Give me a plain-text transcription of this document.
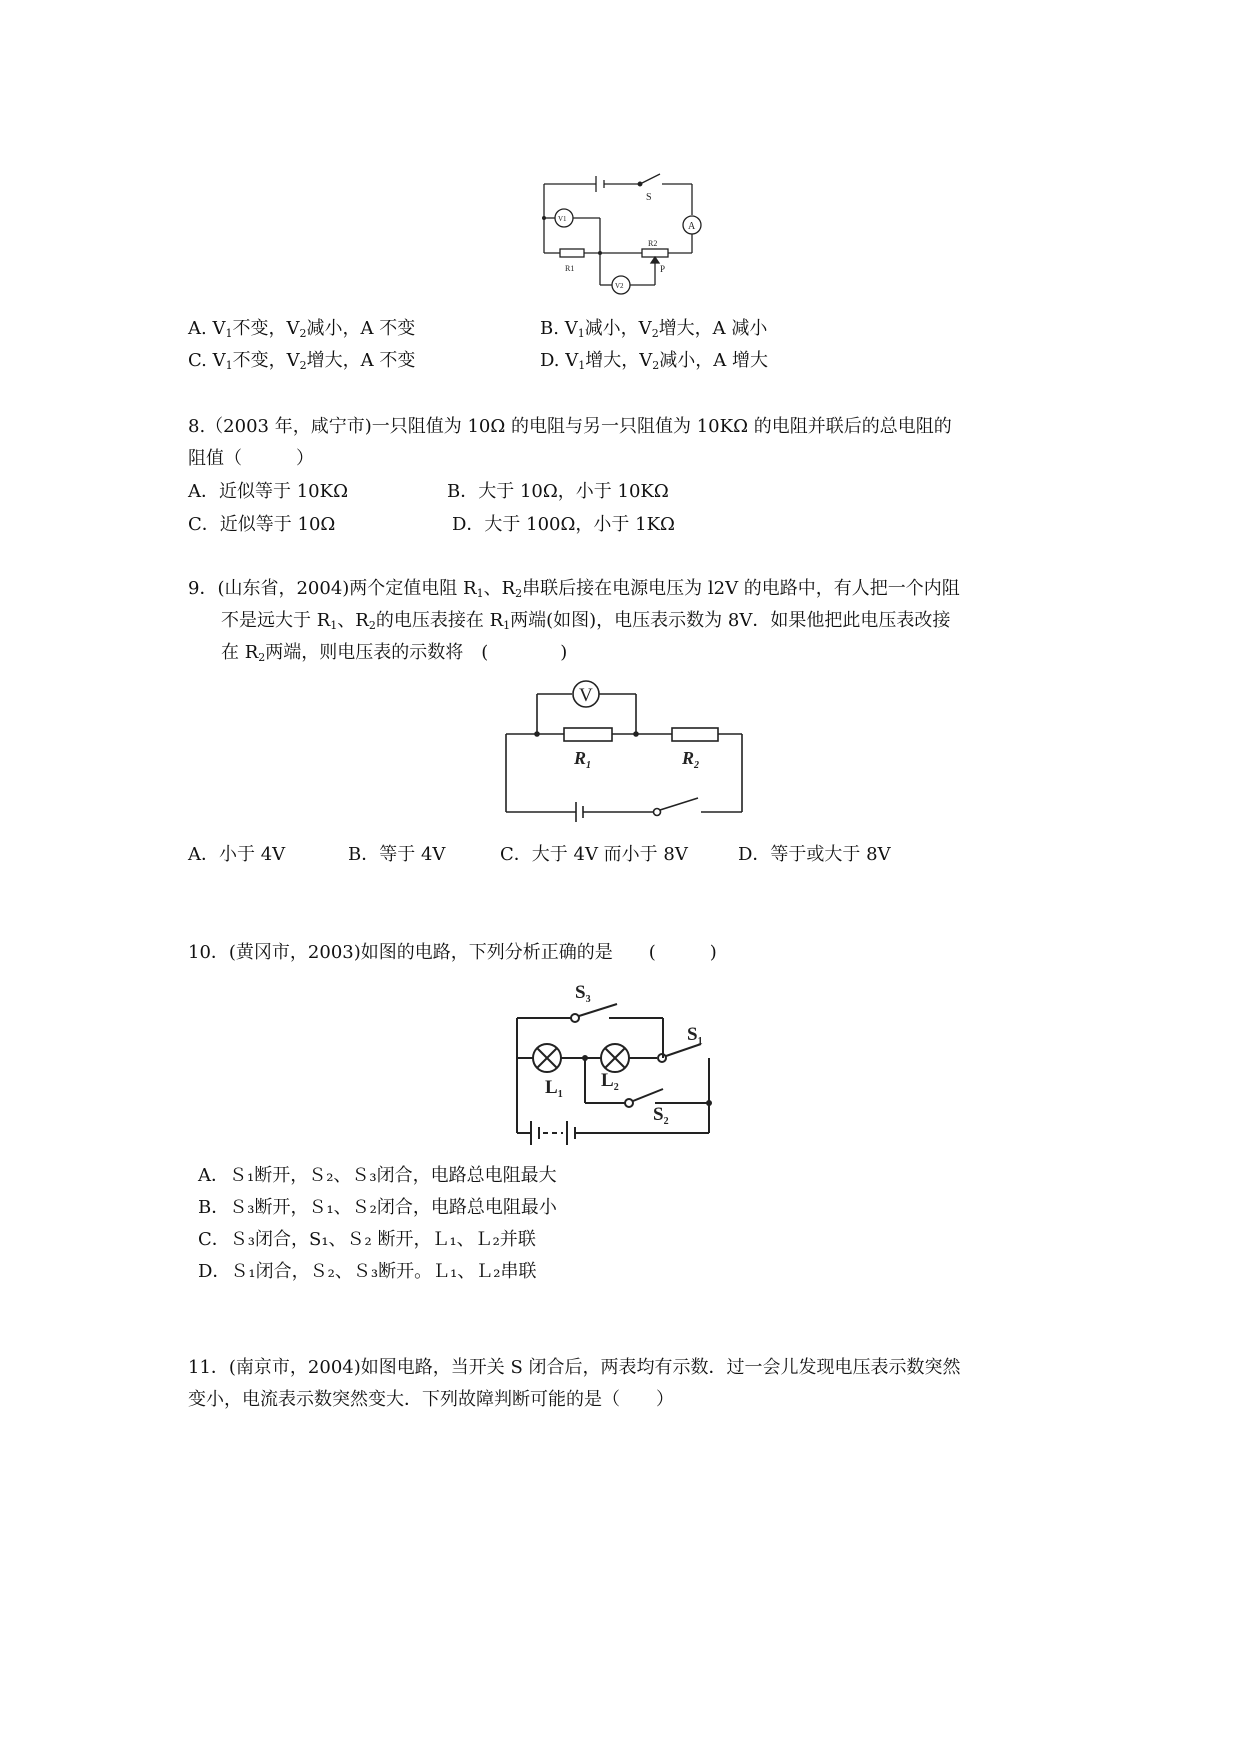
S
A
V1
V2
R1
R2
P
A. $V_1$不变，$V_2$减小，A 不变	B. $V_1$减小，$V_2$增大，A 减小
C. $V_1$不变，$V_2$增大，A 不变	D. $V_1$增大，$V_2$减小，A 增大
8.（2003 年，咸宁市)一只阻值为 10Ω 的电阻与另一只阻值为 10KΩ 的电阻并联后的总电阻的
阻值（　　　）
A．近似等于 10KΩ	B．大于 10Ω，小于 10KΩ
C．近似等于 10Ω	D．大于 100Ω，小于 1KΩ
9．(山东省，2004)两个定值电阻 $R_1$、$R_2$串联后接在电源电压为 l2V 的电路中，有人把一个内阻
不是远大于 $R_1$、$R_2$的电压表接在 $R_1$两端(如图)，电压表示数为 8V．如果他把此电压表改接
在 $R_2$两端，则电压表的示数将　(　　　　)
V
$R_1$	$R_2$
A．小于 4V	B．等于 4V	C．大于 4V 而小于 8V	D．等于或大于 8V
10．(黄冈市，2003)如图的电路，下列分析正确的是　　(　　　)
$S_3$
$S_1$
$S_2$
$L_1$
$L_2$
A．Ｓ₁断开，Ｓ₂、Ｓ₃闭合，电路总电阻最大
B．Ｓ₃断开，Ｓ₁、Ｓ₂闭合，电路总电阻最小
C．Ｓ₃闭合，S₁、Ｓ₂ 断开，Ｌ₁、Ｌ₂并联
D．Ｓ₁闭合，Ｓ₂、Ｓ₃断开。Ｌ₁、Ｌ₂串联
11．(南京市，2004)如图电路，当开关 S 闭合后，两表均有示数．过一会儿发现电压表示数突然
变小，电流表示数突然变大．下列故障判断可能的是（　　）
